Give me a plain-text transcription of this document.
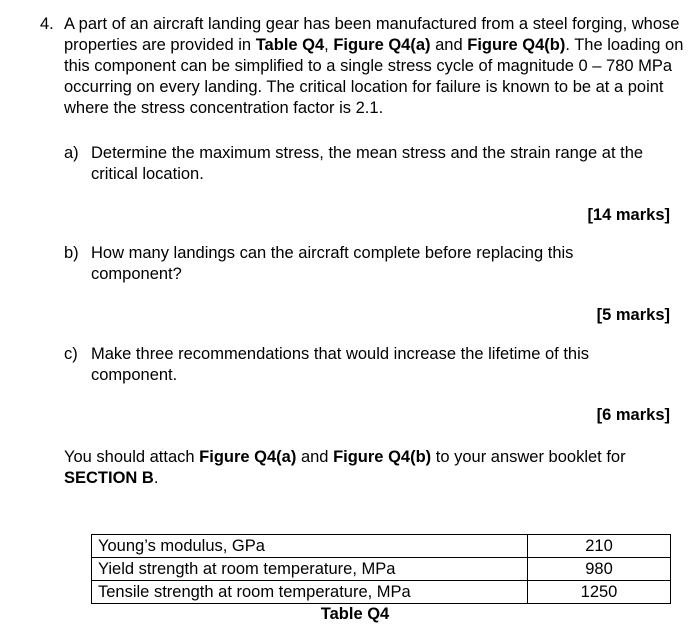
4. A part of an aircraft landing gear has been manufactured from a steel forging, whose properties are provided in Table Q4, Figure Q4(a) and Figure Q4(b). The loading on this component can be simplified to a single stress cycle of magnitude 0 – 780 MPa occurring on every landing. The critical location for failure is known to be at a point where the stress concentration factor is 2.1.
a) Determine the maximum stress, the mean stress and the strain range at the critical location.
[14 marks]
b) How many landings can the aircraft complete before replacing this component?
[5 marks]
c) Make three recommendations that would increase the lifetime of this component.
[6 marks]
You should attach Figure Q4(a) and Figure Q4(b) to your answer booklet for SECTION B.
Young’s modulus, GPa	210
Yield strength at room temperature, MPa	980
Tensile strength at room temperature, MPa	1250
Table Q4
